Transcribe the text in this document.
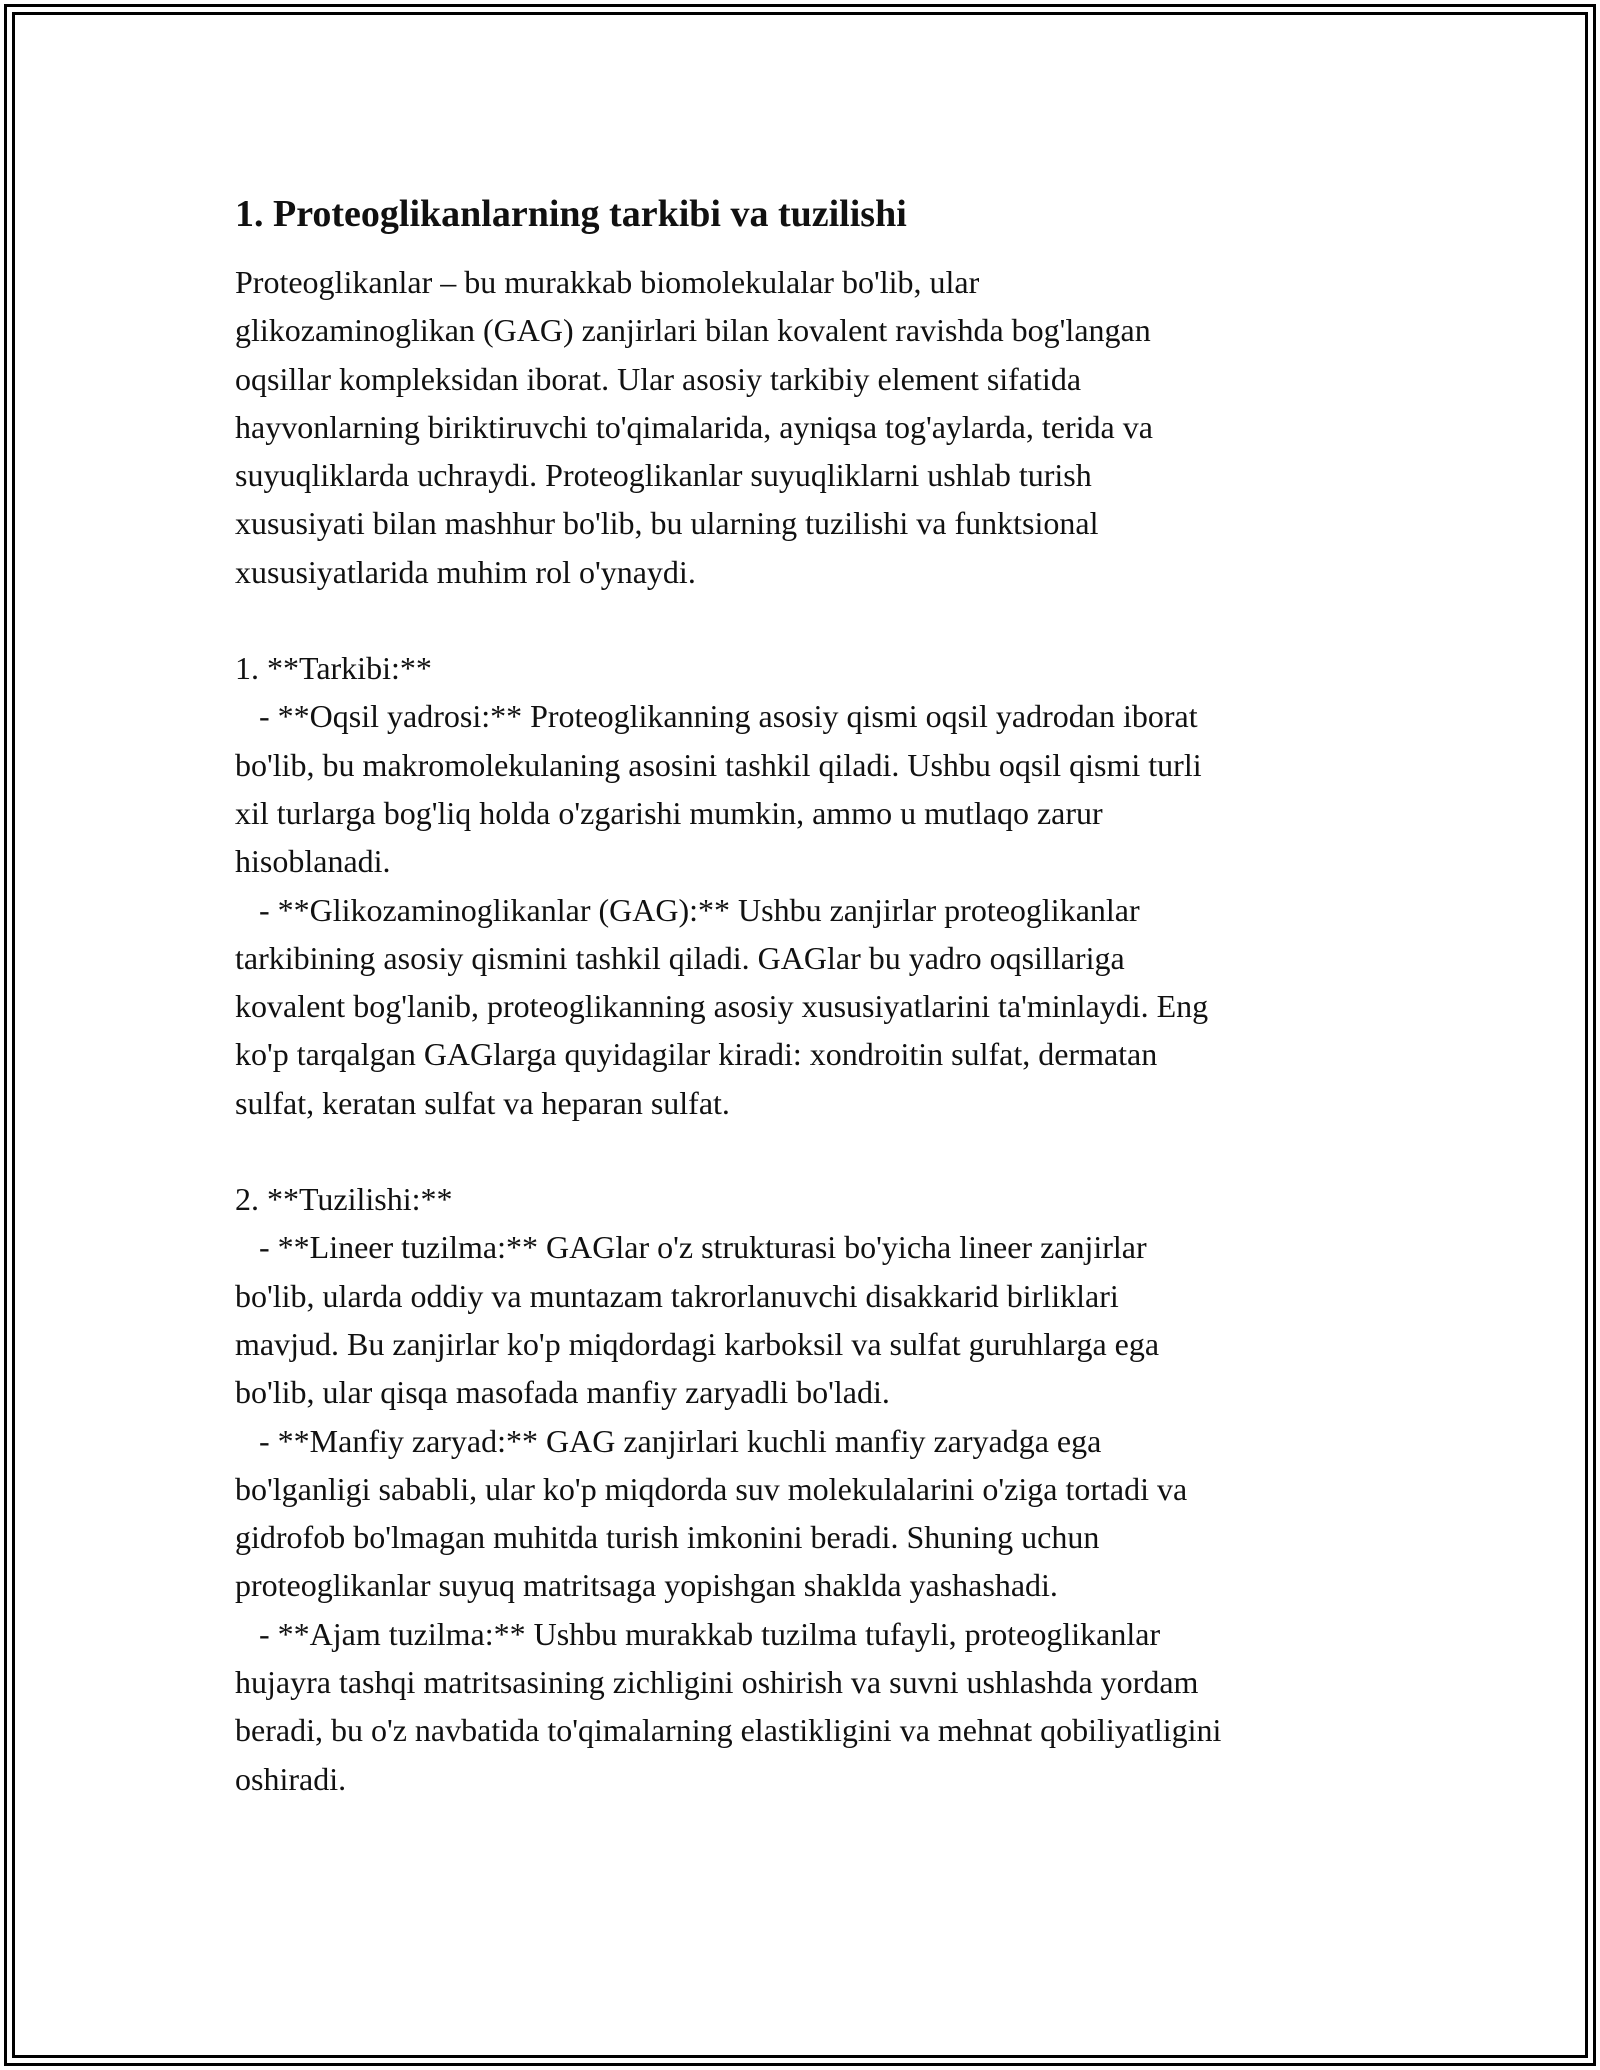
1. Proteoglikanlarning tarkibi va tuzilishi
Proteoglikanlar – bu murakkab biomolekulalar bo'lib, ular
glikozaminoglikan (GAG) zanjirlari bilan kovalent ravishda bog'langan
oqsillar kompleksidan iborat. Ular asosiy tarkibiy element sifatida
hayvonlarning biriktiruvchi to'qimalarida, ayniqsa tog'aylarda, terida va
suyuqliklarda uchraydi. Proteoglikanlar suyuqliklarni ushlab turish
xususiyati bilan mashhur bo'lib, bu ularning tuzilishi va funktsional
xususiyatlarida muhim rol o'ynaydi.
1. **Tarkibi:**
- **Oqsil yadrosi:** Proteoglikanning asosiy qismi oqsil yadrodan iborat
bo'lib, bu makromolekulaning asosini tashkil qiladi. Ushbu oqsil qismi turli
xil turlarga bog'liq holda o'zgarishi mumkin, ammo u mutlaqo zarur
hisoblanadi.
- **Glikozaminoglikanlar (GAG):** Ushbu zanjirlar proteoglikanlar
tarkibining asosiy qismini tashkil qiladi. GAGlar bu yadro oqsillariga
kovalent bog'lanib, proteoglikanning asosiy xususiyatlarini ta'minlaydi. Eng
ko'p tarqalgan GAGlarga quyidagilar kiradi: xondroitin sulfat, dermatan
sulfat, keratan sulfat va heparan sulfat.
2. **Tuzilishi:**
- **Lineer tuzilma:** GAGlar o'z strukturasi bo'yicha lineer zanjirlar
bo'lib, ularda oddiy va muntazam takrorlanuvchi disakkarid birliklari
mavjud. Bu zanjirlar ko'p miqdordagi karboksil va sulfat guruhlarga ega
bo'lib, ular qisqa masofada manfiy zaryadli bo'ladi.
- **Manfiy zaryad:** GAG zanjirlari kuchli manfiy zaryadga ega
bo'lganligi sababli, ular ko'p miqdorda suv molekulalarini o'ziga tortadi va
gidrofob bo'lmagan muhitda turish imkonini beradi. Shuning uchun
proteoglikanlar suyuq matritsaga yopishgan shaklda yashashadi.
- **Ajam tuzilma:** Ushbu murakkab tuzilma tufayli, proteoglikanlar
hujayra tashqi matritsasining zichligini oshirish va suvni ushlashda yordam
beradi, bu o'z navbatida to'qimalarning elastikligini va mehnat qobiliyatligini
oshiradi.
